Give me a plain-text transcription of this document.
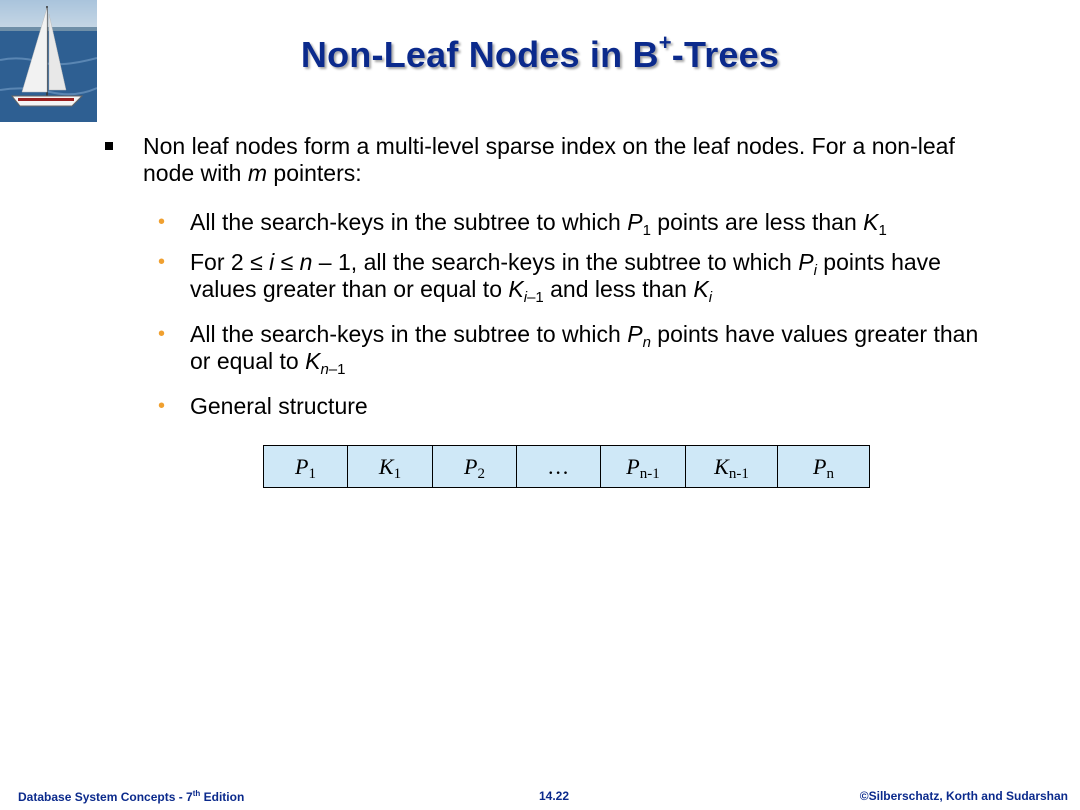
Non-Leaf Nodes in B+-Trees
Non leaf nodes form a multi-level sparse index on the leaf nodes. For a non-leaf node with m pointers:
• All the search-keys in the subtree to which $P_1$ points are less than $K_1$
• For 2 ≤ i ≤ n – 1, all the search-keys in the subtree to which $P_i$ points have values greater than or equal to $K_{i-1}$ and less than $K_i$
• All the search-keys in the subtree to which $P_n$ points have values greater than or equal to $K_{n-1}$
• General structure
$P_1$	$K_1$	$P_2$	…	$P_{n-1}$	$K_{n-1}$	$P_n$
Database System Concepts - 7th Edition	14.22	©Silberschatz, Korth and Sudarshan
